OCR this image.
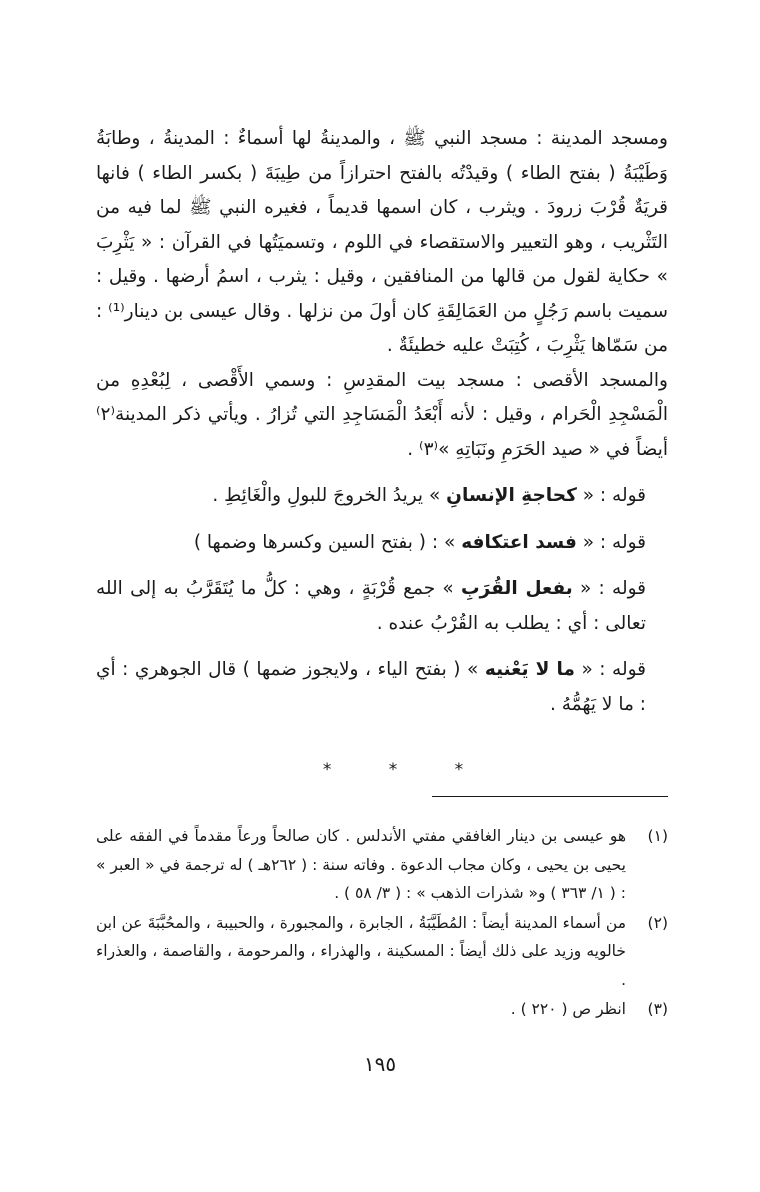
ومسجد المدينة : مسجد النبي ﷺ ، والمدينةُ لها أسماءٌ : المدينةُ ، وطابَةُ وَطَيْبَةُ ( بفتح الطاء ) وقيدْتُه بالفتح احترازاً من طِيبَةَ ( بكسر الطاء ) فانها قريَةٌ قُرْبَ زرودَ . ويثرب ، كان اسمها قديماً ، فغيره النبي ﷺ لما فيه من التَثْريب ، وهو التعيير والاستقصاء في اللوم ، وتسميَتُها في القرآن : « يَثْرِبَ » حكاية لقول من قالها من المنافقين ، وقيل : يثرب ، اسمُ أرضها . وقيل : سميت باسم رَجُلٍ من العَمَالِقَةِ كان أولَ من نزلها . وقال عيسى بن دينار⁽¹⁾ : من سَمّاها يَثْرِبَ ، كُتِبَتْ عليه خطيئَةٌ .

والمسجد الأقصى : مسجد بيت المقدِسِ : وسمي الأَقْصى ، لِبُعْدِهِ من الْمَسْجِدِ الْحَرام ، وقيل : لأنه أَبْعَدُ الْمَسَاجِدِ التي تُزارُ . ويأتي ذكر المدينة⁽٢⁾ أيضاً في « صيد الحَرَمِ ونَبَاتِهِ »⁽٣⁾ .

قوله : « كحاجةِ الإنسانِ » يريدُ الخروجَ للبولِ والْغَائِطِ .

قوله : « فسد اعتكافه » : ( بفتح السين وكسرها وضمها )

قوله : « بفعل القُرَبِ » جمع قُرْبَةٍ ، وهي : كلُّ ما يُتَقَرَّبُ به إلى الله تعالى : أي : يطلب به القُرْبُ عنده .

قوله : « ما لا يَعْنيه » ( بفتح الياء ، ولايجوز ضمها ) قال الجوهري : أي : ما لا يَهُمُّهُ .

* * *
(١)
هو عيسى بن دينار الغافقي مفتي الأندلس . كان صالحاً ورعاً مقدماً في الفقه على يحيى بن يحيى ، وكان مجاب الدعوة . وفاته سنة : ( ٢٦٢هـ ) له ترجمة في « العبر » : ( ١/ ٣٦٣ ) و« شذرات الذهب » : ( ٣/ ٥٨ ) .
(٢)
من أسماء المدينة أيضاً : المُطَيَّبَةُ ، الجابرة ، والمجبورة ، والحبيبة ، والمحُبَّبَةَ عن ابن خالويه وزيد على ذلك أيضاً : المسكينة ، والهذراء ، والمرحومة ، والقاصمة ، والعذراء .
(٣)
انظر ص ( ٢٢٠ ) .
١٩٥
